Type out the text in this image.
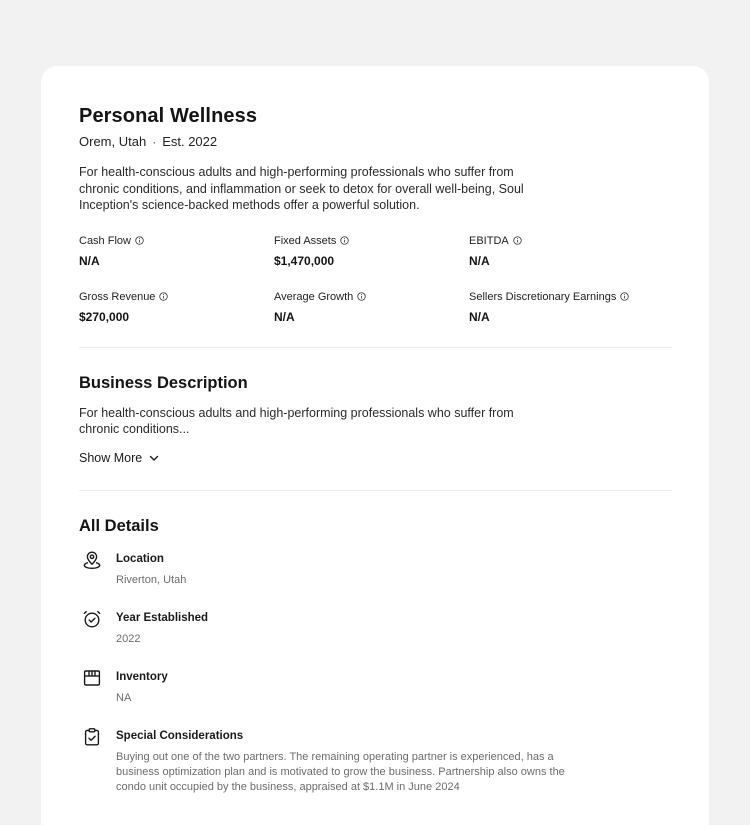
Personal Wellness
Orem, Utah · Est. 2022
For health-conscious adults and high-performing professionals who suffer from chronic conditions, and inflammation or seek to detox for overall well-being, Soul Inception's science-backed methods offer a powerful solution.
Cash Flow
N/A
Fixed Assets
$1,470,000
EBITDA
N/A
Gross Revenue
$270,000
Average Growth
N/A
Sellers Discretionary Earnings
N/A
Business Description
For health-conscious adults and high-performing professionals who suffer from chronic conditions...
Show More
All Details
Location
Riverton, Utah
Year Established
2022
Inventory
NA
Special Considerations
Buying out one of the two partners. The remaining operating partner is experienced, has a business optimization plan and is motivated to grow the business. Partnership also owns the condo unit occupied by the business, appraised at $1.1M in June 2024
